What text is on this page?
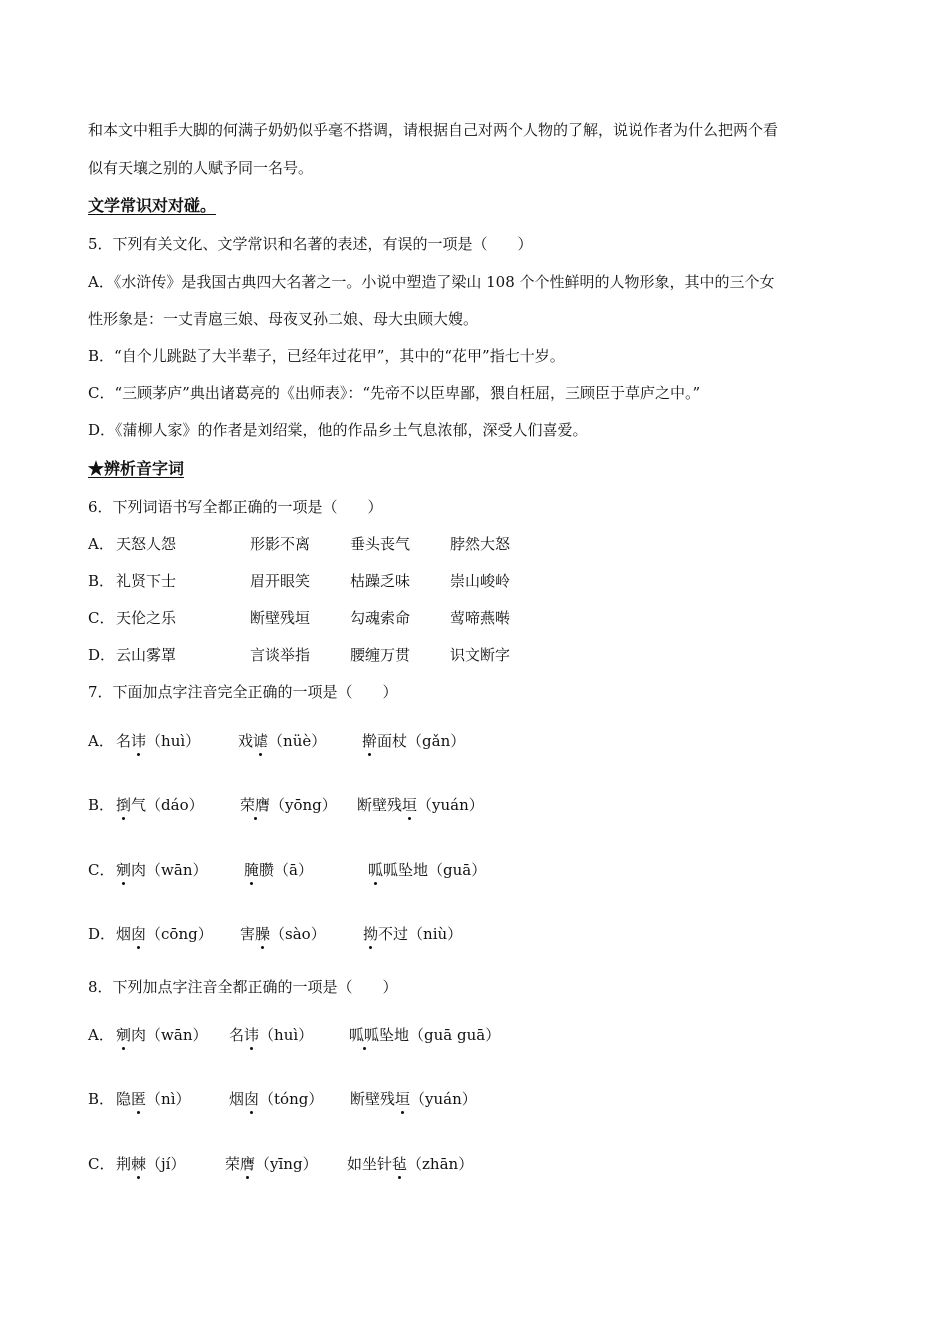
和本文中粗手大脚的何满子奶奶似乎毫不搭调，请根据自己对两个人物的了解，说说作者为什么把两个看
似有天壤之别的人赋予同一名号。
文学常识对对碰。
5．下列有关文化、文学常识和名著的表述，有误的一项是（　　）
A．《水浒传》是我国古典四大名著之一。小说中塑造了梁山 108 个个性鲜明的人物形象，其中的三个女
性形象是：一丈青扈三娘、母夜叉孙二娘、母大虫顾大嫂。
B．“自个儿跳跶了大半辈子，已经年过花甲”，其中的“花甲”指七十岁。
C．“三顾茅庐”典出诸葛亮的《出师表》：“先帝不以臣卑鄙，猥自枉屈，三顾臣于草庐之中。”
D．《蒲柳人家》的作者是刘绍棠，他的作品乡土气息浓郁，深受人们喜爱。
★辨析音字词
6．下列词语书写全都正确的一项是（　　）
A． 天怒人怨	形影不离	垂头丧气	脖然大怒
B． 礼贤下士	眉开眼笑	枯躁乏味	崇山峻岭
C． 天伦之乐	断壁残垣	勾魂索命	莺啼燕啭
D． 云山雾罩	言谈举指	腰缠万贯	识文断字
7．下面加点字注音完全正确的一项是（　　）
A． 名讳（huì）	戏谑（nüè） 擀面杖（gǎn）
B． 捯气（dáo） 荣膺（yōng） 断壁残垣（yuán）
C． 剜肉（wān） 腌臜（ā）	呱呱坠地（guā）
D． 烟囱（cōng） 害臊（sào） 拗不过（niù）
8．下列加点字注音全都正确的一项是（　　）
A． 剜肉（wān） 名讳（huì） 呱呱坠地（guā guā）
B． 隐匿（nì）	烟囱（tóng） 断壁残垣（yuán）
C． 荆棘（jí）	荣膺（yīng） 如坐针毡（zhān）
